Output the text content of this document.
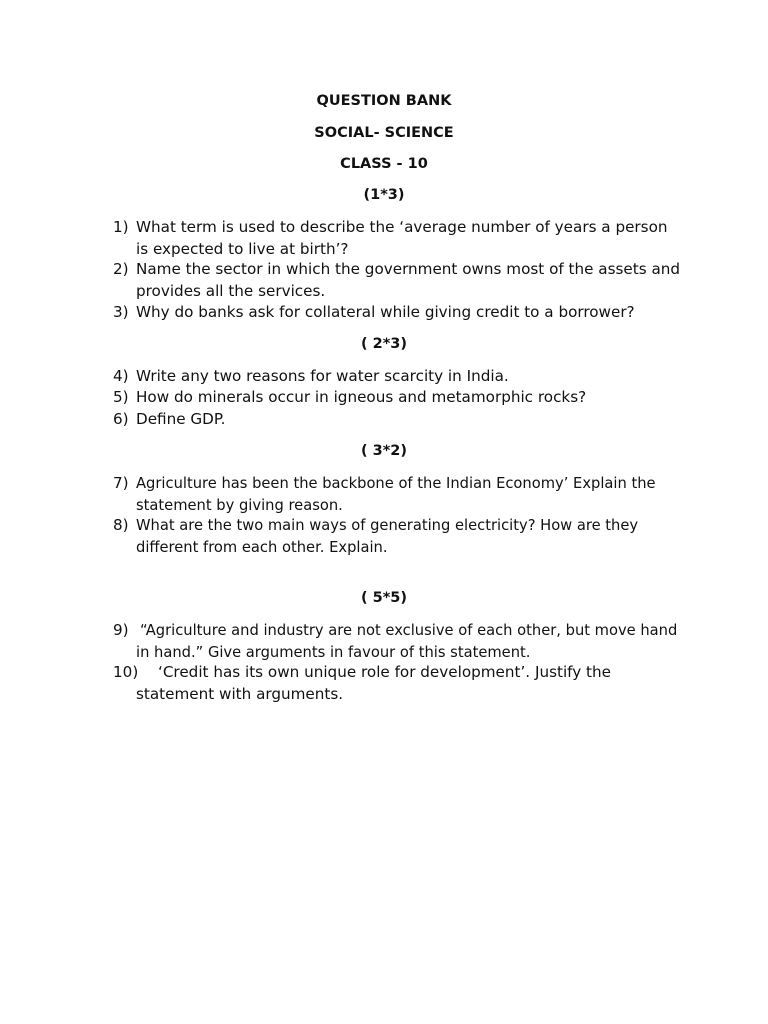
QUESTION BANK
SOCIAL- SCIENCE
CLASS - 10
(1*3)
1) What term is used to describe the ‘average number of years a person is expected to live at birth’?
2) Name the sector in which the government owns most of the assets and provides all the services.
3) Why do banks ask for collateral while giving credit to a borrower?
( 2*3)
4) Write any two reasons for water scarcity in India.
5) How do minerals occur in igneous and metamorphic rocks?
6) Define GDP.
( 3*2)
7) Agriculture has been the backbone of the Indian Economy’ Explain the statement by giving reason.
8) What are the two main ways of generating electricity? How are they different from each other. Explain.
( 5*5)
9) “Agriculture and industry are not exclusive of each other, but move hand in hand.” Give arguments in favour of this statement.
10)	‘Credit has its own unique role for development’. Justify the statement with arguments.
